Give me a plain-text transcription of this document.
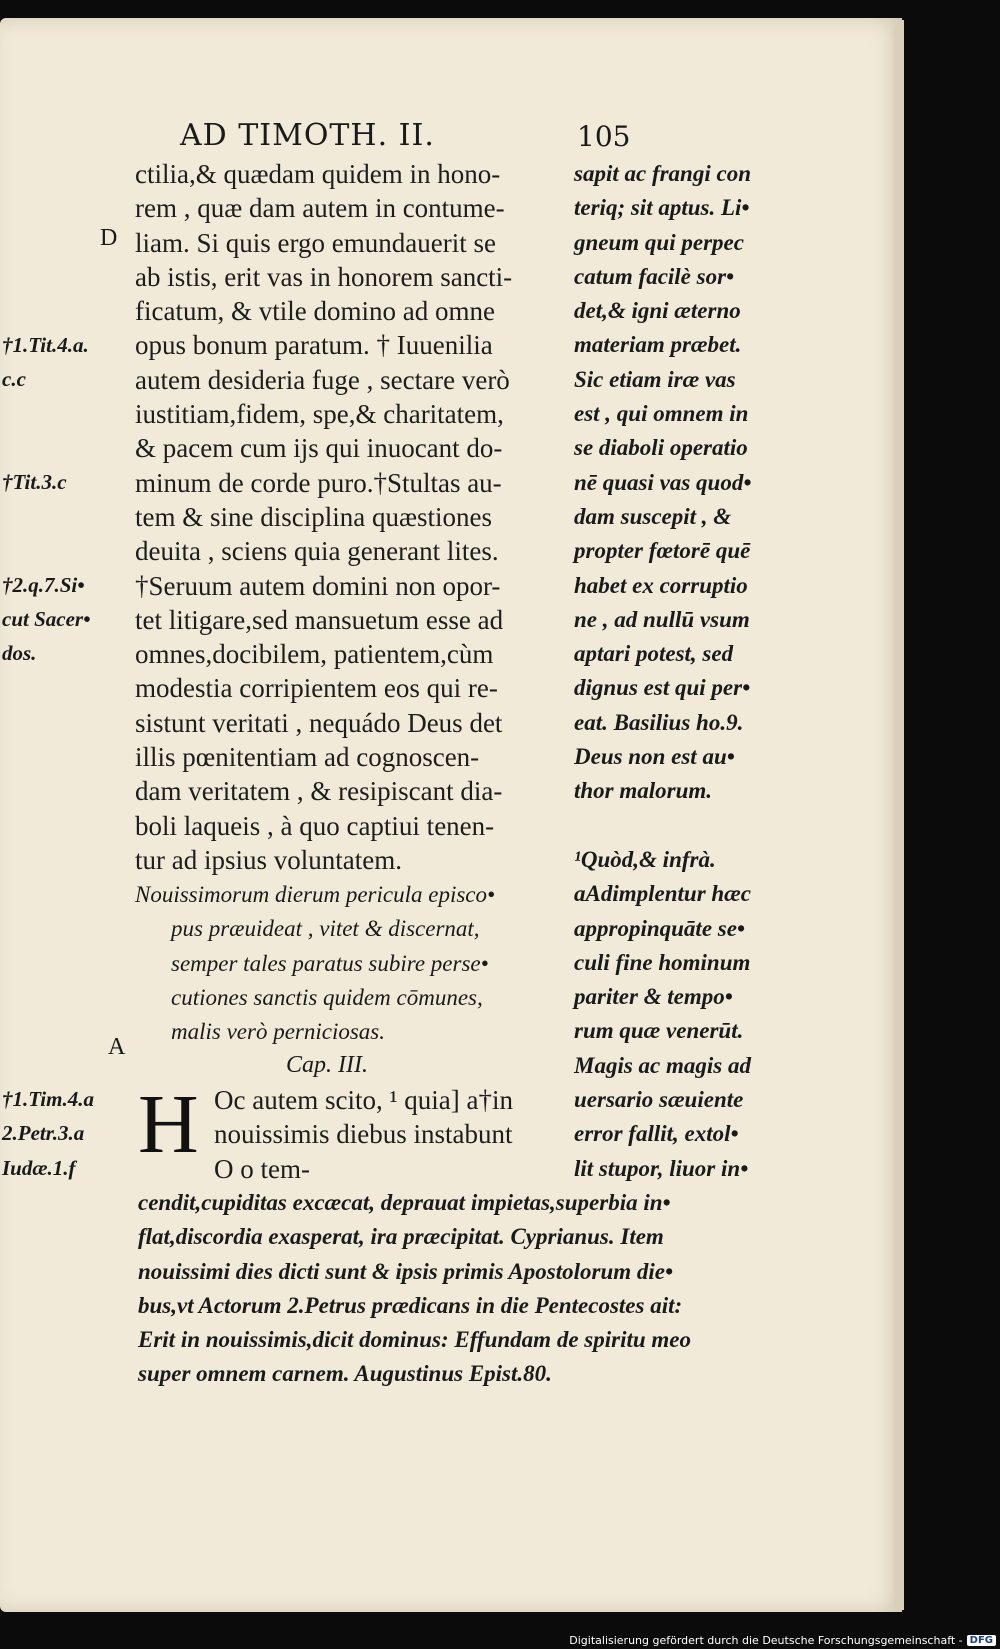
AD TIMOTH. II.	105
ctilia,& quædam quidem in hono-
rem , quæ dam autem in contume-
liam. Si quis ergo emundauerit se
ab istis, erit vas in honorem sancti-
ficatum, & vtile domino ad omne
opus bonum paratum. † Iuuenilia
autem desideria fuge , sectare verò
iustitiam,fidem, spe,& charitatem,
& pacem cum ijs qui inuocant do-
minum de corde puro.†Stultas au-
tem & sine disciplina quæstiones
deuita , sciens quia generant lites.
†Seruum autem domini non opor-
tet litigare,sed mansuetum esse ad
omnes,docibilem, patientem,cùm
modestia corripientem eos qui re-
sistunt veritati , nequádo Deus det
illis pœnitentiam ad cognoscen-
dam veritatem , & resipiscant dia-
boli laqueis , à quo captiui tenen-
tur ad ipsius voluntatem.
sapit ac frangi con
teriq; sit aptus. Li•
gneum qui perpec
catum facilè sor•
det,& igni æterno
materiam præbet.
Sic etiam iræ vas
est , qui omnem in
se diaboli operatio
nē quasi vas quod•
dam suscepit , &
propter fœtorē quē
habet ex corruptio
ne , ad nullū vsum
aptari potest, sed
dignus est qui per•
eat. Basilius ho.9.
Deus non est au•
thor malorum.
¹Quòd,& infrà.
aAdimplentur hæc
appropinquāte se•
culi fine hominum
pariter & tempo•
rum quæ venerūt.
Magis ac magis ad
uersario sæuiente
error fallit, extol•
lit stupor, liuor in•
†1.Tit.4.a.
c.c
†Tit.3.c
†2.q.7.Si•
cut Sacer•
dos.
†1.Tim.4.a
2.Petr.3.a
Iudæ.1.f
D
A
Nouissimorum dierum pericula episco•
pus præuideat , vitet & discernat,
semper tales paratus subire perse•
cutiones sanctis quidem cōmunes,
malis verò perniciosas.
Cap. III.
H Oc autem scito, ¹ quia] a†in
nouissimis diebus instabunt
O o tem-
cendit,cupiditas excæcat, deprauat impietas,superbia in•
flat,discordia exasperat, ira præcipitat. Cyprianus. Item
nouissimi dies dicti sunt & ipsis primis Apostolorum die•
bus,vt Actorum 2.Petrus prædicans in die Pentecostes ait:
Erit in nouissimis,dicit dominus: Effundam de spiritu meo
super omnem carnem. Augustinus Epist.80.
Digitalisierung gefördert durch die Deutsche Forschungsgemeinschaft - DFG
